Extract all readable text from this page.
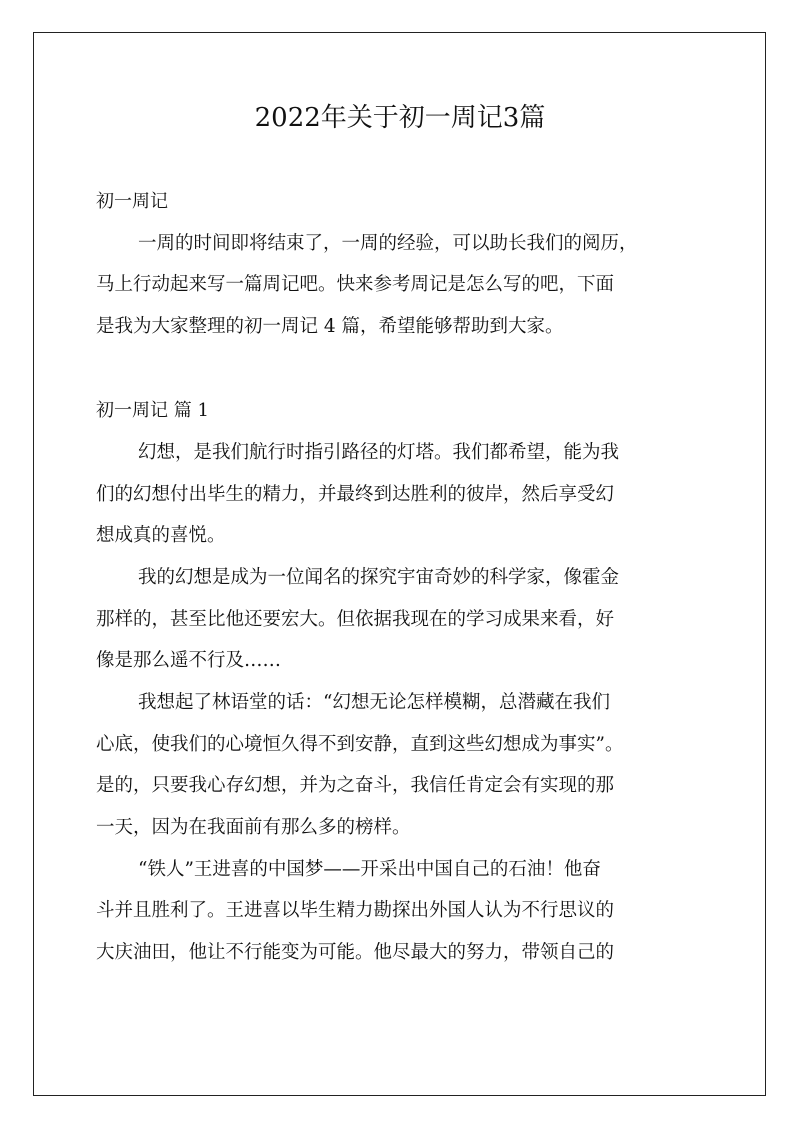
2022年关于初一周记3篇
初一周记
一周的时间即将结束了，一周的经验，可以助长我们的阅历，
马上行动起来写一篇周记吧。快来参考周记是怎么写的吧，下面
是我为大家整理的初一周记 4 篇，希望能够帮助到大家。
初一周记 篇 1
幻想，是我们航行时指引路径的灯塔。我们都希望，能为我
们的幻想付出毕生的精力，并最终到达胜利的彼岸，然后享受幻
想成真的喜悦。
我的幻想是成为一位闻名的探究宇宙奇妙的科学家，像霍金
那样的，甚至比他还要宏大。但依据我现在的学习成果来看，好
像是那么遥不行及……
我想起了林语堂的话：“幻想无论怎样模糊，总潜藏在我们
心底，使我们的心境恒久得不到安静，直到这些幻想成为事实”。
是的，只要我心存幻想，并为之奋斗，我信任肯定会有实现的那
一天，因为在我面前有那么多的榜样。
“铁人”王进喜的中国梦——开采出中国自己的石油！他奋
斗并且胜利了。王进喜以毕生精力勘探出外国人认为不行思议的
大庆油田，他让不行能变为可能。他尽最大的努力，带领自己的
